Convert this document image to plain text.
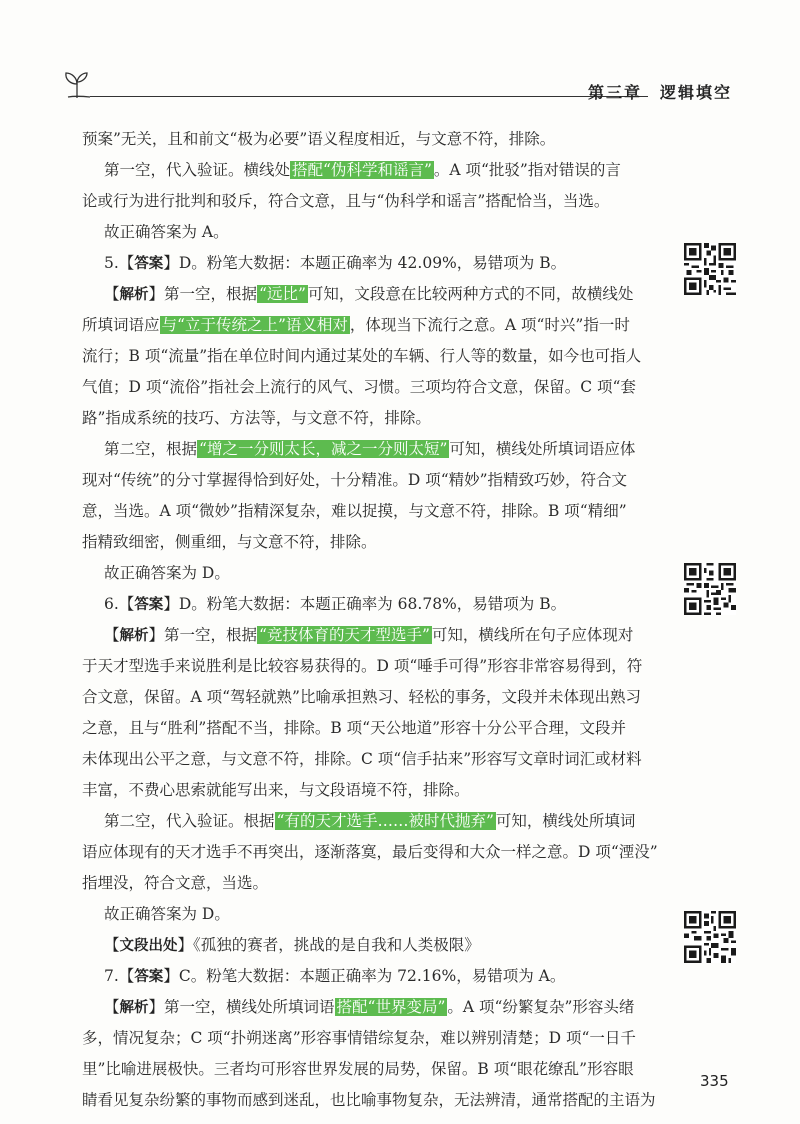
第三章 逻辑填空
预案”无关，且和前文“极为必要”语义程度相近，与文意不符，排除。
第一空，代入验证。横线处 搭配“伪科学和谣言” 。A 项“批驳”指对错误的言
论或行为进行批判和驳斥，符合文意，且与“伪科学和谣言”搭配恰当，当选。
故正确答案为 A。
5.【答案】D。粉笔大数据：本题正确率为 42.09%，易错项为 B。
【解析】第一空，根据 “远比” 可知，文段意在比较两种方式的不同，故横线处
所填词语应 与“立于传统之上”语义相对 ，体现当下流行之意。A 项“时兴”指一时
流行；B 项“流量”指在单位时间内通过某处的车辆、行人等的数量，如今也可指人
气值；D 项“流俗”指社会上流行的风气、习惯。三项均符合文意，保留。C 项“套
路”指成系统的技巧、方法等，与文意不符，排除。
第二空，根据 “增之一分则太长，减之一分则太短” 可知，横线处所填词语应体
现对“传统”的分寸掌握得恰到好处，十分精准。D 项“精妙”指精致巧妙，符合文
意，当选。A 项“微妙”指精深复杂，难以捉摸，与文意不符，排除。B 项“精细”
指精致细密，侧重细，与文意不符，排除。
故正确答案为 D。
6.【答案】D。粉笔大数据：本题正确率为 68.78%，易错项为 B。
【解析】第一空，根据 “竞技体育的天才型选手” 可知，横线所在句子应体现对
于天才型选手来说胜利是比较容易获得的。D 项“唾手可得”形容非常容易得到，符
合文意，保留。A 项“驾轻就熟”比喻承担熟习、轻松的事务，文段并未体现出熟习
之意，且与“胜利”搭配不当，排除。B 项“天公地道”形容十分公平合理，文段并
未体现出公平之意，与文意不符，排除。C 项“信手拈来”形容写文章时词汇或材料
丰富，不费心思索就能写出来，与文段语境不符，排除。
第二空，代入验证。根据 “有的天才选手……被时代抛弃” 可知，横线处所填词
语应体现有的天才选手不再突出，逐渐落寞，最后变得和大众一样之意。D 项“湮没”
指埋没，符合文意，当选。
故正确答案为 D。
【文段出处】《孤独的赛者，挑战的是自我和人类极限》
7.【答案】C。粉笔大数据：本题正确率为 72.16%，易错项为 A。
【解析】第一空，横线处所填词语 搭配“世界变局” 。A 项“纷繁复杂”形容头绪
多，情况复杂；C 项“扑朔迷离”形容事情错综复杂，难以辨别清楚；D 项“一日千
里”比喻进展极快。三者均可形容世界发展的局势，保留。B 项“眼花缭乱”形容眼
睛看见复杂纷繁的事物而感到迷乱，也比喻事物复杂，无法辨清，通常搭配的主语为
335
